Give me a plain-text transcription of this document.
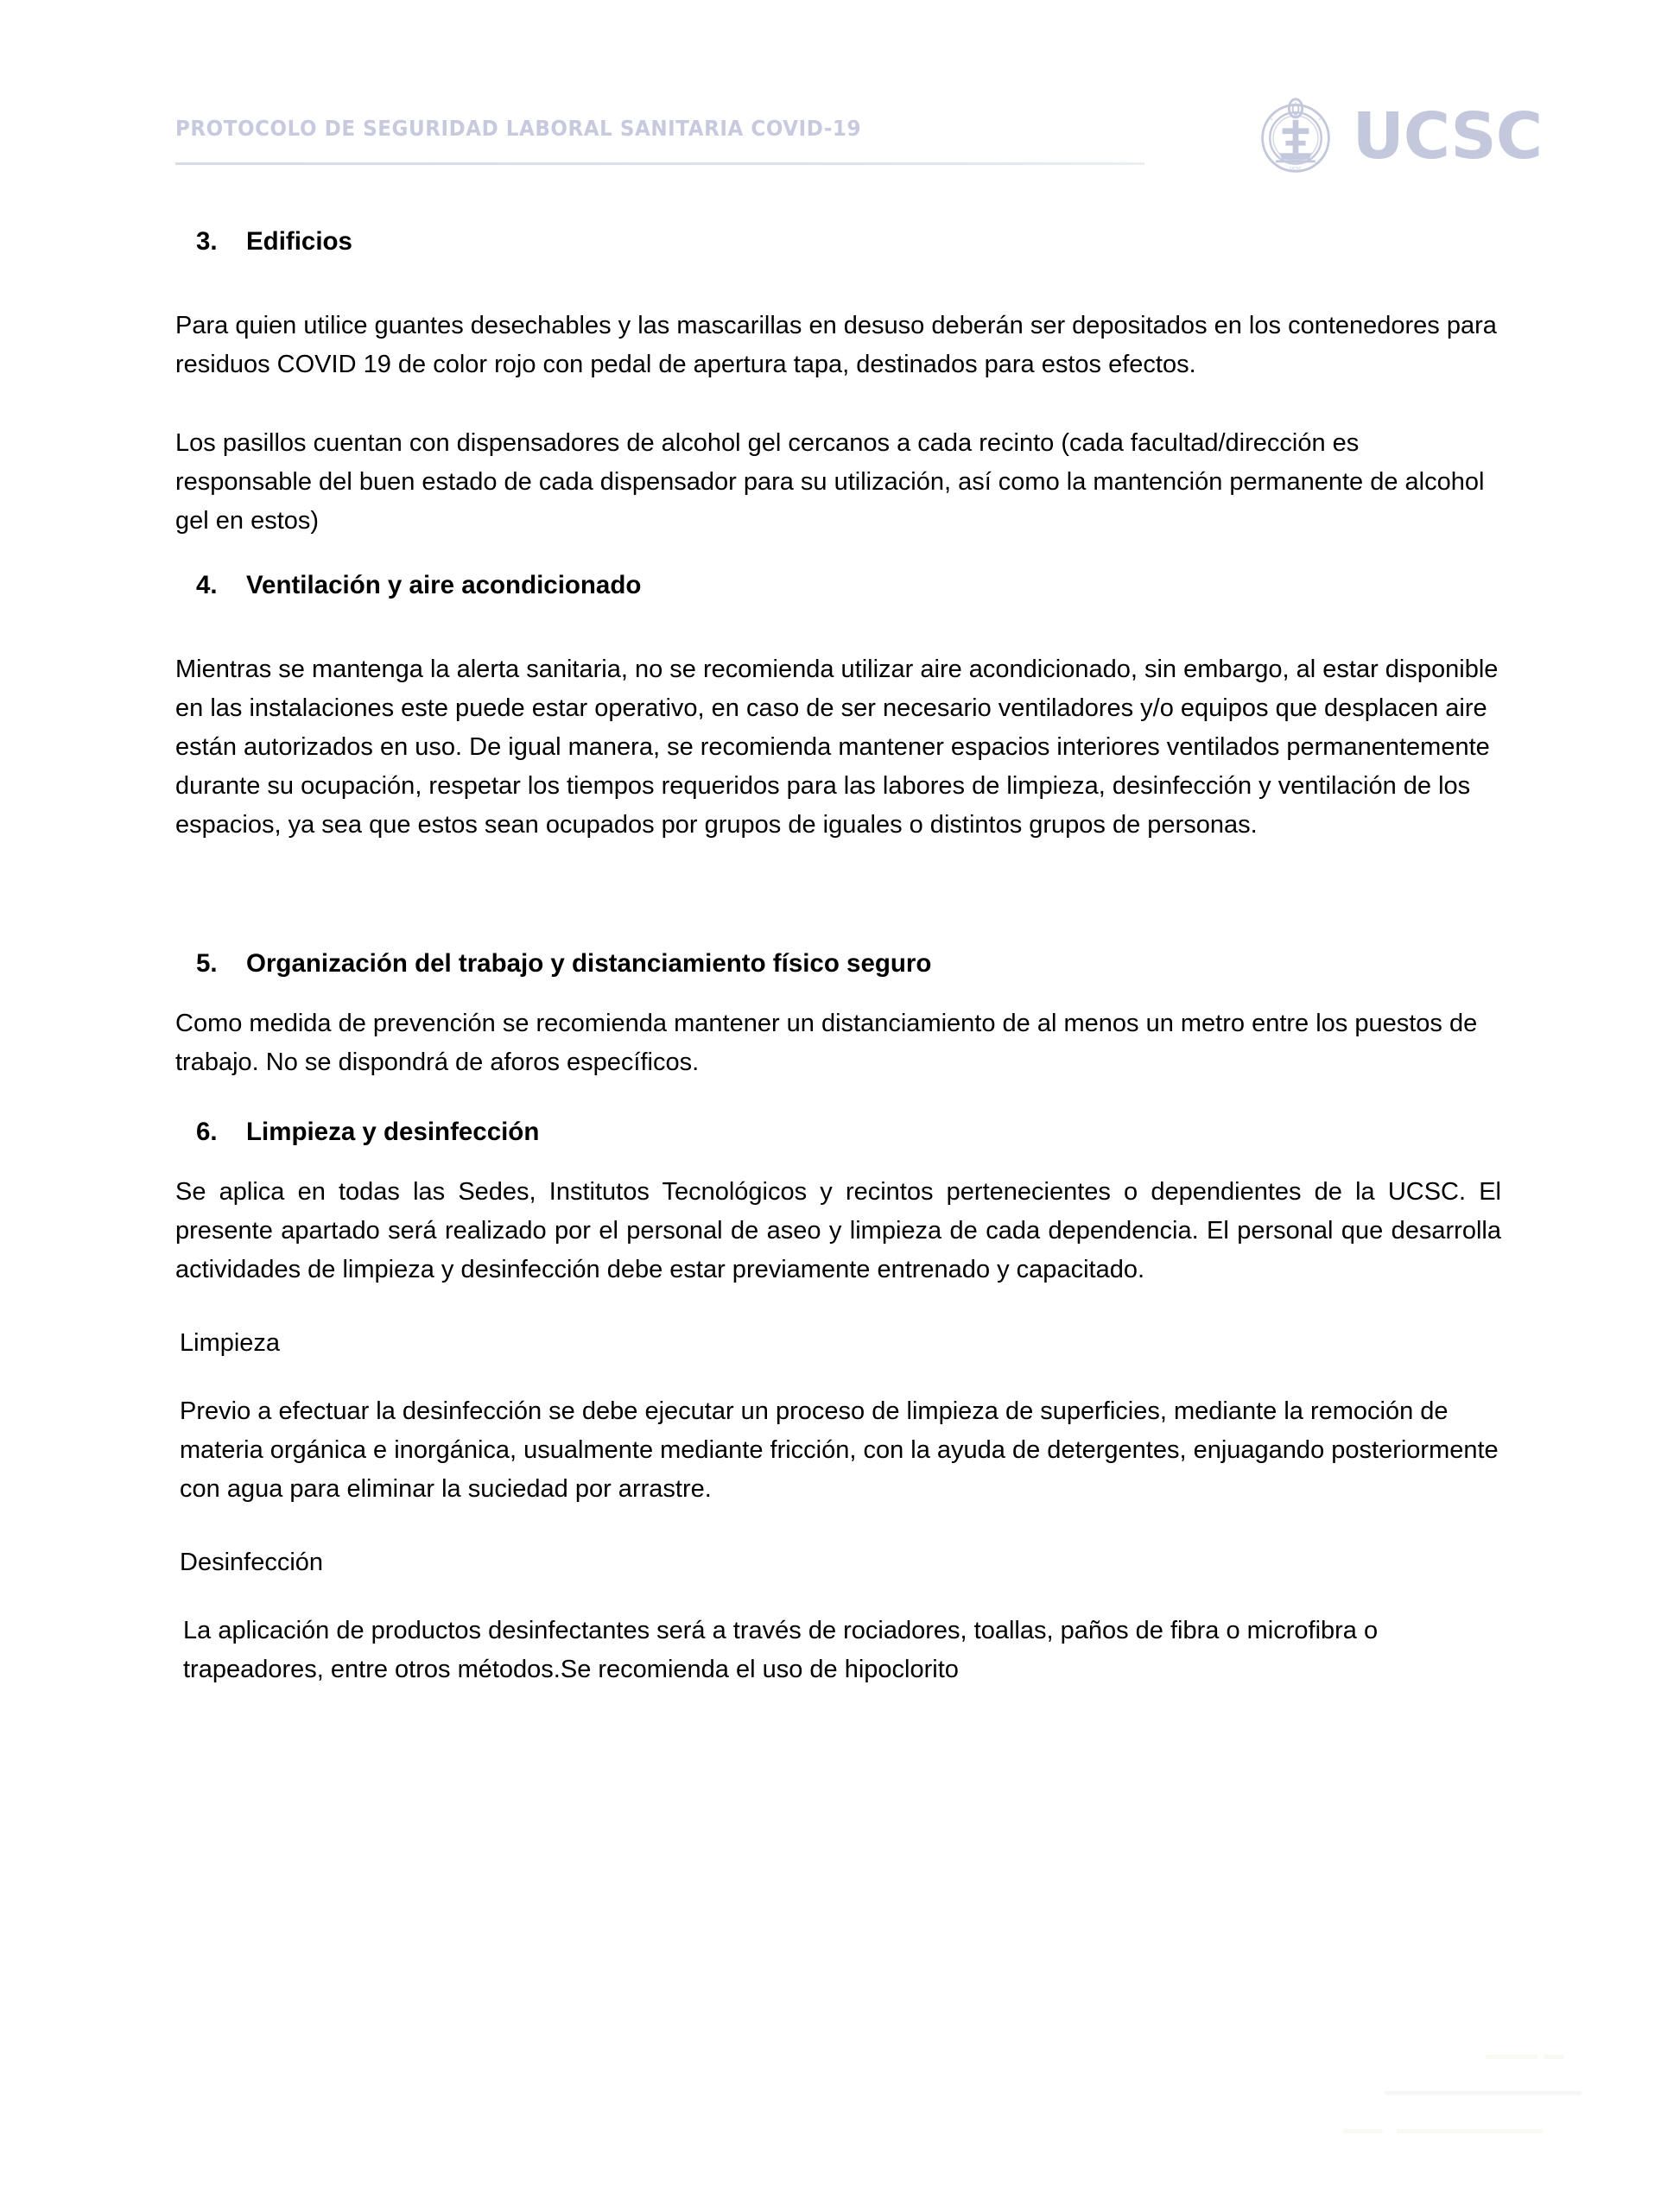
PROTOCOLO DE SEGURIDAD LABORAL SANITARIA COVID-19
UCSC UCSC
3.	Edificios

Para quien utilice guantes desechables y las mascarillas en desuso deberán ser depositados en los contenedores para residuos COVID 19 de color rojo con pedal de apertura tapa, destinados para estos efectos.

Los pasillos cuentan con dispensadores de alcohol gel cercanos a cada recinto (cada facultad/dirección es responsable del buen estado de cada dispensador para su utilización, así como la mantención permanente de alcohol gel en estos)

4.	Ventilación y aire acondicionado

Mientras se mantenga la alerta sanitaria, no se recomienda utilizar aire acondicionado, sin embargo, al estar disponible en las instalaciones este puede estar operativo, en caso de ser necesario ventiladores y/o equipos que desplacen aire están autorizados en uso. De igual manera, se recomienda mantener espacios interiores ventilados permanentemente durante su ocupación, respetar los tiempos requeridos para las labores de limpieza, desinfección y ventilación de los espacios, ya sea que estos sean ocupados por grupos de iguales o distintos grupos de personas.

5.	Organización del trabajo y distanciamiento físico seguro

Como medida de prevención se recomienda mantener un distanciamiento de al menos un metro entre los puestos de trabajo. No se dispondrá de aforos específicos.

6.	Limpieza y desinfección

Se aplica en todas las Sedes, Institutos Tecnológicos y recintos pertenecientes o dependientes de la UCSC. El presente apartado será realizado por el personal de aseo y limpieza de cada dependencia. El personal que desarrolla actividades de limpieza y desinfección debe estar previamente entrenado y capacitado.

Limpieza

Previo a efectuar la desinfección se debe ejecutar un proceso de limpieza de superficies, mediante la remoción de materia orgánica e inorgánica, usualmente mediante fricción, con la ayuda de detergentes, enjuagando posteriormente con agua para eliminar la suciedad por arrastre.

Desinfección

La aplicación de productos desinfectantes será a través de rociadores, toallas, paños de fibra o microfibra o trapeadores, entre otros métodos.Se recomienda el uso de hipoclorito
